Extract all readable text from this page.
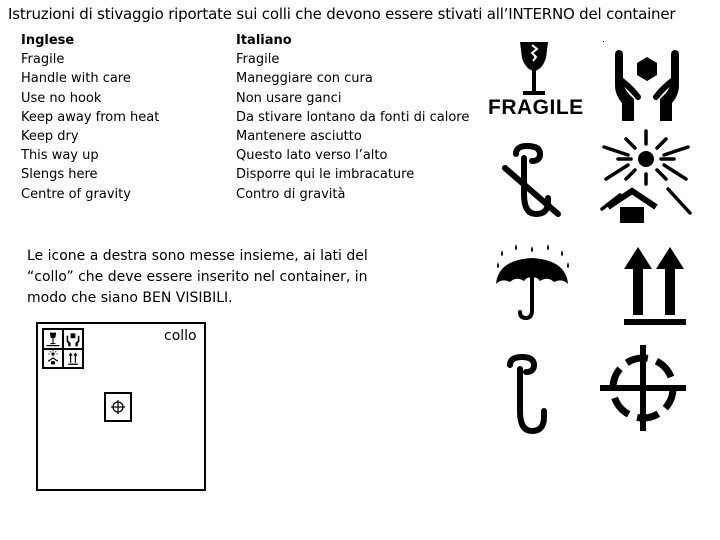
Istruzioni di stivaggio riportate sui colli che devono essere stivati all’INTERNO del container
Inglese
Fragile
Handle with care
Use no hook
Keep away from heat
Keep dry
This way up
Slengs here
Centre of gravity
Italiano
Fragile
Maneggiare con cura
Non usare ganci
Da stivare lontano da fonti di calore
Mantenere asciutto
Questo lato verso l’alto
Disporre qui le imbracature
Contro di gravità
Le icone a destra sono messe insieme, ai lati del “collo” che deve essere inserito nel container, in modo che siano BEN VISIBILI.
collo
FRAGILE
